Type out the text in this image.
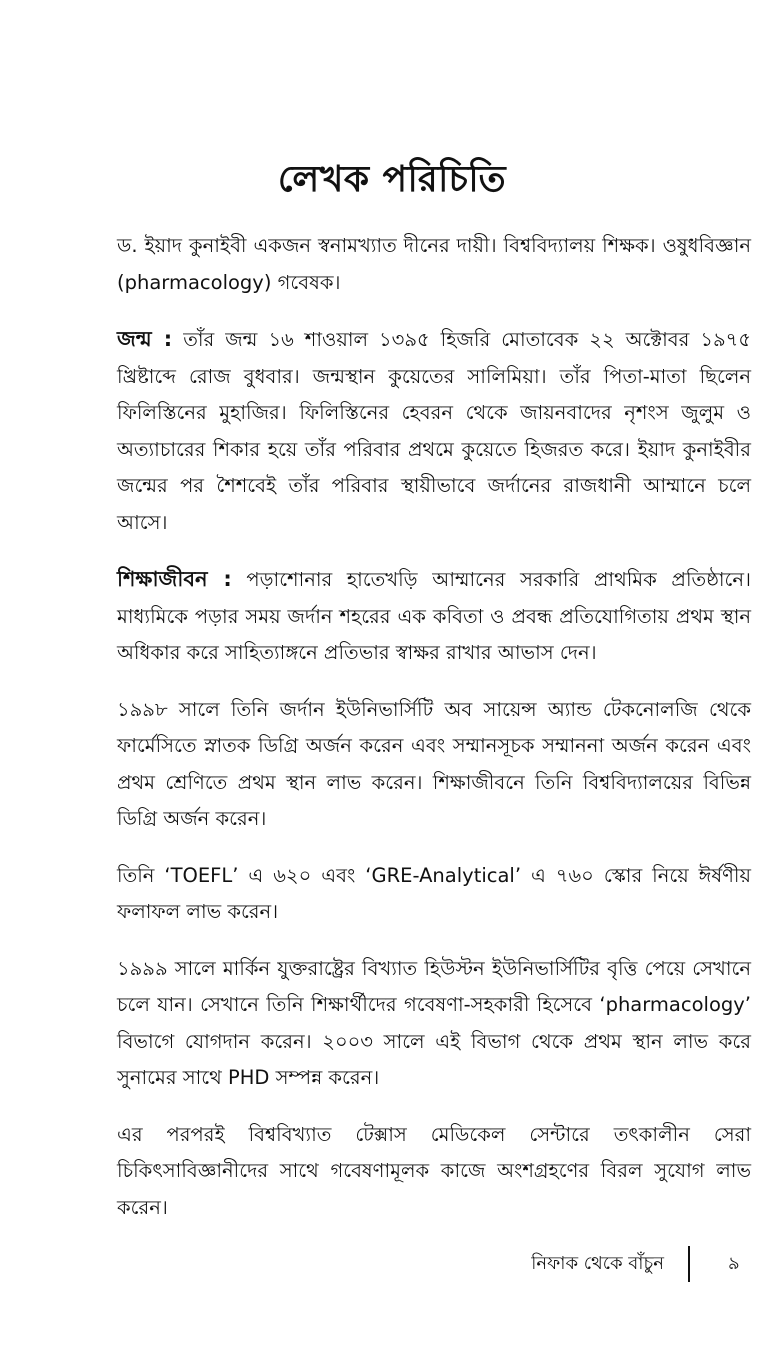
লেখক পরিচিতি

ড. ইয়াদ কুনাইবী একজন স্বনামখ্যাত দীনের দায়ী। বিশ্ববিদ্যালয় শিক্ষক। ওষুধবিজ্ঞান (pharmacology) গবেষক।

জন্ম : তাঁর জন্ম ১৬ শাওয়াল ১৩৯৫ হিজরি মোতাবেক ২২ অক্টোবর ১৯৭৫ খ্রিষ্টাব্দে রোজ বুধবার। জন্মস্থান কুয়েতের সালিমিয়া। তাঁর পিতা-মাতা ছিলেন ফিলিস্তিনের মুহাজির। ফিলিস্তিনের হেবরন থেকে জায়নবাদের নৃশংস জুলুম ও অত্যাচারের শিকার হয়ে তাঁর পরিবার প্রথমে কুয়েতে হিজরত করে। ইয়াদ কুনাইবীর জন্মের পর শৈশবেই তাঁর পরিবার স্থায়ীভাবে জর্দানের রাজধানী আম্মানে চলে আসে।

শিক্ষাজীবন : পড়াশোনার হাতেখড়ি আম্মানের সরকারি প্রাথমিক প্রতিষ্ঠানে। মাধ্যমিকে পড়ার সময় জর্দান শহরের এক কবিতা ও প্রবন্ধ প্রতিযোগিতায় প্রথম স্থান অধিকার করে সাহিত্যাঙ্গনে প্রতিভার স্বাক্ষর রাখার আভাস দেন।

১৯৯৮ সালে তিনি জর্দান ইউনিভার্সিটি অব সায়েন্স অ্যান্ড টেকনোলজি থেকে ফার্মেসিতে স্নাতক ডিগ্রি অর্জন করেন এবং সম্মানসূচক সম্মাননা অর্জন করেন এবং প্রথম শ্রেণিতে প্রথম স্থান লাভ করেন। শিক্ষাজীবনে তিনি বিশ্ববিদ্যালয়ের বিভিন্ন ডিগ্রি অর্জন করেন।

তিনি ‘TOEFL’ এ ৬২০ এবং ‘GRE-Analytical’ এ ৭৬০ স্কোর নিয়ে ঈর্ষণীয় ফলাফল লাভ করেন।

১৯৯৯ সালে মার্কিন যুক্তরাষ্ট্রের বিখ্যাত হিউস্টন ইউনিভার্সিটির বৃত্তি পেয়ে সেখানে চলে যান। সেখানে তিনি শিক্ষার্থীদের গবেষণা-সহকারী হিসেবে ‘pharmacology’ বিভাগে যোগদান করেন। ২০০৩ সালে এই বিভাগ থেকে প্রথম স্থান লাভ করে সুনামের সাথে PHD সম্পন্ন করেন।

এর পরপরই বিশ্ববিখ্যাত টেক্সাস মেডিকেল সেন্টারে তৎকালীন সেরা চিকিৎসাবিজ্ঞানীদের সাথে গবেষণামূলক কাজে অংশগ্রহণের বিরল সুযোগ লাভ করেন।

নিফাক থেকে বাঁচুন	৯
